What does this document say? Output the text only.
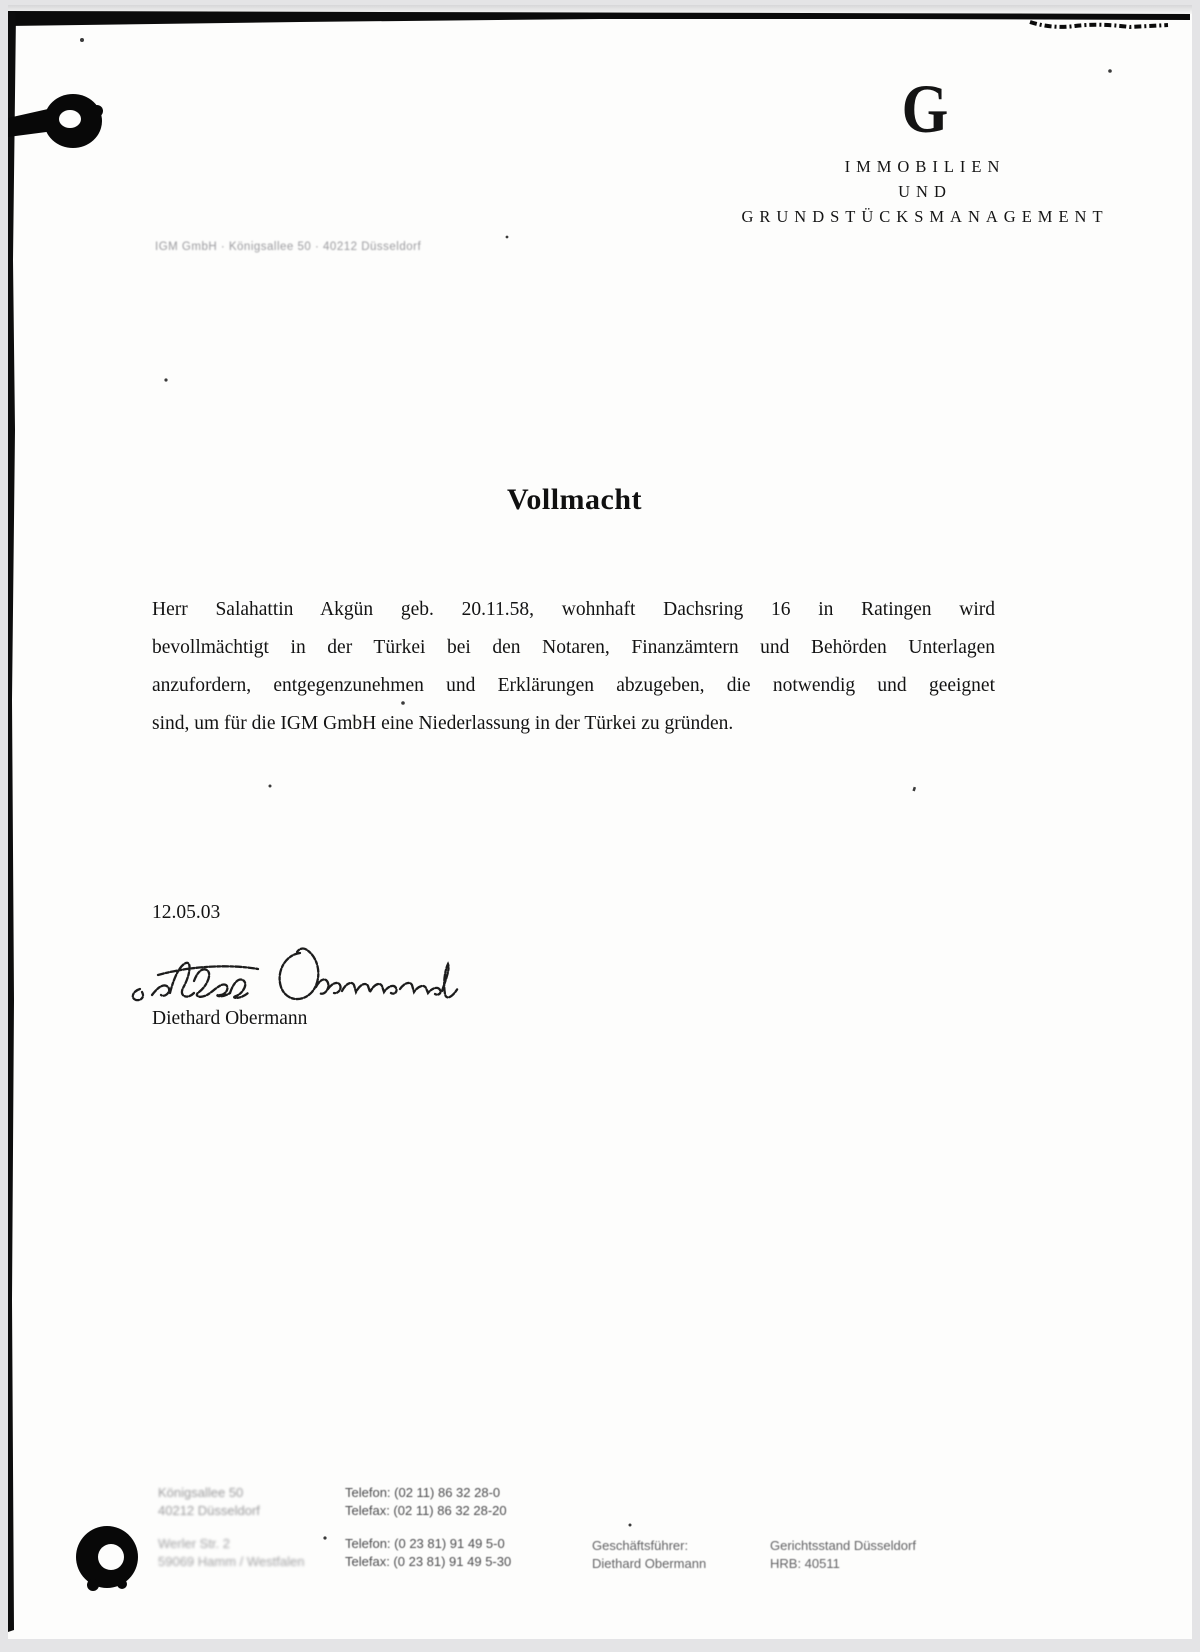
G
IMMOBILIEN
UND
GRUNDSTÜCKSMANAGEMENT
IGM GmbH · Königsallee 50 · 40212 Düsseldorf
Vollmacht
Herr Salahattin Akgün geb. 20.11.58, wohnhaft Dachsring 16 in Ratingen wird
bevollmächtigt in der Türkei bei den Notaren, Finanzämtern und Behörden Unterlagen
anzufordern, entgegenzunehmen und Erklärungen abzugeben, die notwendig und geeignet
sind, um für die IGM GmbH eine Niederlassung in der Türkei zu gründen.
12.05.03
Diethard Obermann
Königsallee 50
40212 Düsseldorf
Telefon: (02 11) 86 32 28-0
Telefax: (02 11) 86 32 28-20
Werler Str. 2
59069 Hamm / Westfalen
Telefon: (0 23 81) 91 49 5-0
Telefax: (0 23 81) 91 49 5-30
Geschäftsführer:
Diethard Obermann
Gerichtsstand Düsseldorf
HRB: 40511
